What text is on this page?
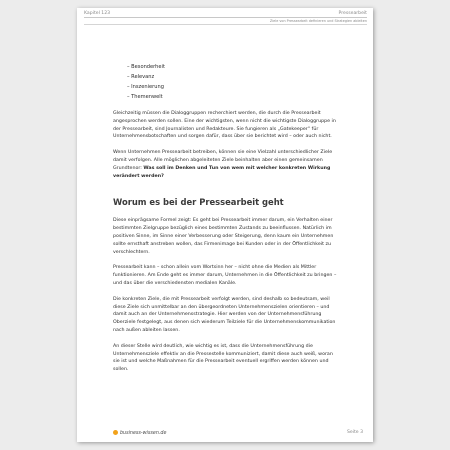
Kapitel 123	Pressearbeit
Ziele von Pressearbeit definieren und Strategien ableiten
– Besonderheit
– Relevanz
– Inszenierung
– Themenwelt

Gleichzeitig müssen die Dialoggruppen recherchiert werden, die durch die Pressearbeit angesprochen werden sollen. Eine der wichtigsten, wenn nicht die wichtigste Dialoggruppe in der Pressearbeit, sind Journalisten und Redakteure. Sie fungieren als „Gatekeeper“ für Unternehmensbotschaften und sorgen dafür, dass über sie berichtet wird – oder auch nicht.

Wenn Unternehmen Pressearbeit betreiben, können sie eine Vielzahl unterschiedlicher Ziele damit verfolgen. Alle möglichen abgeleiteten Ziele beinhalten aber einen gemeinsamen Grundtenor: Was soll im Denken und Tun von wem mit welcher konkreten Wirkung verändert werden?

Worum es bei der Pressearbeit geht

Diese einprägsame Formel zeigt: Es geht bei Pressearbeit immer darum, ein Verhalten einer bestimmten Zielgruppe bezüglich eines bestimmten Zustands zu beeinflussen. Natürlich im positiven Sinne, im Sinne einer Verbesserung oder Steigerung, denn kaum ein Unternehmen sollte ernsthaft anstreben wollen, das Firmenimage bei Kunden oder in der Öffentlichkeit zu verschlechtern.

Pressearbeit kann – schon allein vom Wortsinn her – nicht ohne die Medien als Mittler funktionieren. Am Ende geht es immer darum, Unternehmen in die Öffentlichkeit zu bringen – und das über die verschiedensten medialen Kanäle.

Die konkreten Ziele, die mit Pressearbeit verfolgt werden, sind deshalb so bedeutsam, weil diese Ziele sich unmittelbar an den übergeordneten Unternehmenszielen orientieren – und damit auch an der Unternehmensstrategie. Hier werden von der Unternehmensführung Oberziele festgelegt, aus denen sich wiederum Teilziele für die Unternehmenskommunikation nach außen ableiten lassen.

An dieser Stelle wird deutlich, wie wichtig es ist, dass die Unternehmensführung die Unternehmensziele effektiv an die Pressestelle kommuniziert, damit diese auch weiß, woran sie ist und welche Maßnahmen für die Pressearbeit eventuell ergriffen werden können und sollen.

business-wissen.de	Seite 3
